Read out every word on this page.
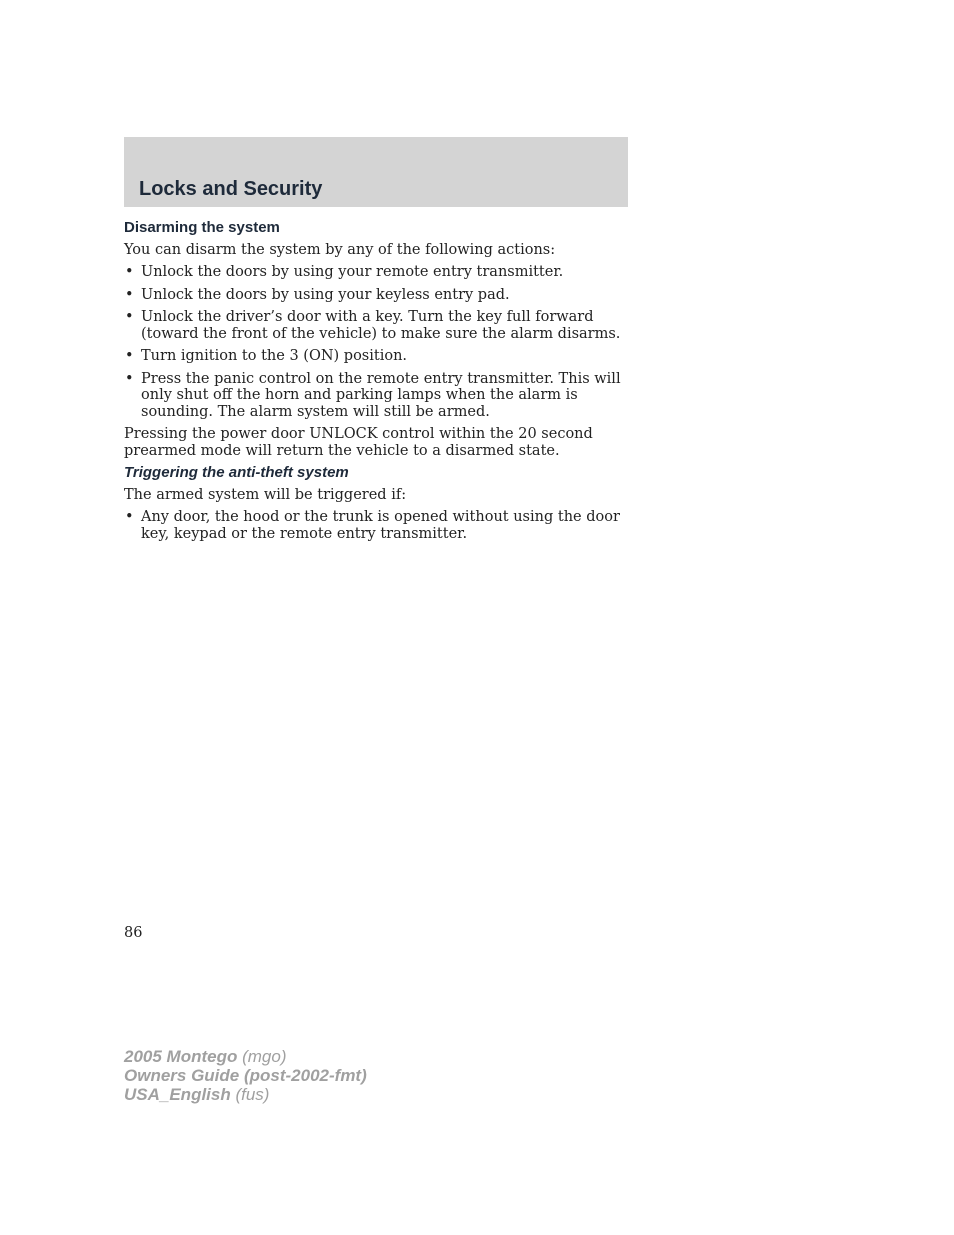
Locks and Security
Disarming the system

You can disarm the system by any of the following actions:

• Unlock the doors by using your remote entry transmitter.
• Unlock the doors by using your keyless entry pad.
• Unlock the driver’s door with a key. Turn the key full forward (toward the front of the vehicle) to make sure the alarm disarms.
• Turn ignition to the 3 (ON) position.
• Press the panic control on the remote entry transmitter. This will only shut off the horn and parking lamps when the alarm is sounding. The alarm system will still be armed.

Pressing the power door UNLOCK control within the 20 second prearmed mode will return the vehicle to a disarmed state.

Triggering the anti-theft system

The armed system will be triggered if:

• Any door, the hood or the trunk is opened without using the door key, keypad or the remote entry transmitter.
86
2005 Montego (mgo)
Owners Guide (post-2002-fmt)
USA_English (fus)
